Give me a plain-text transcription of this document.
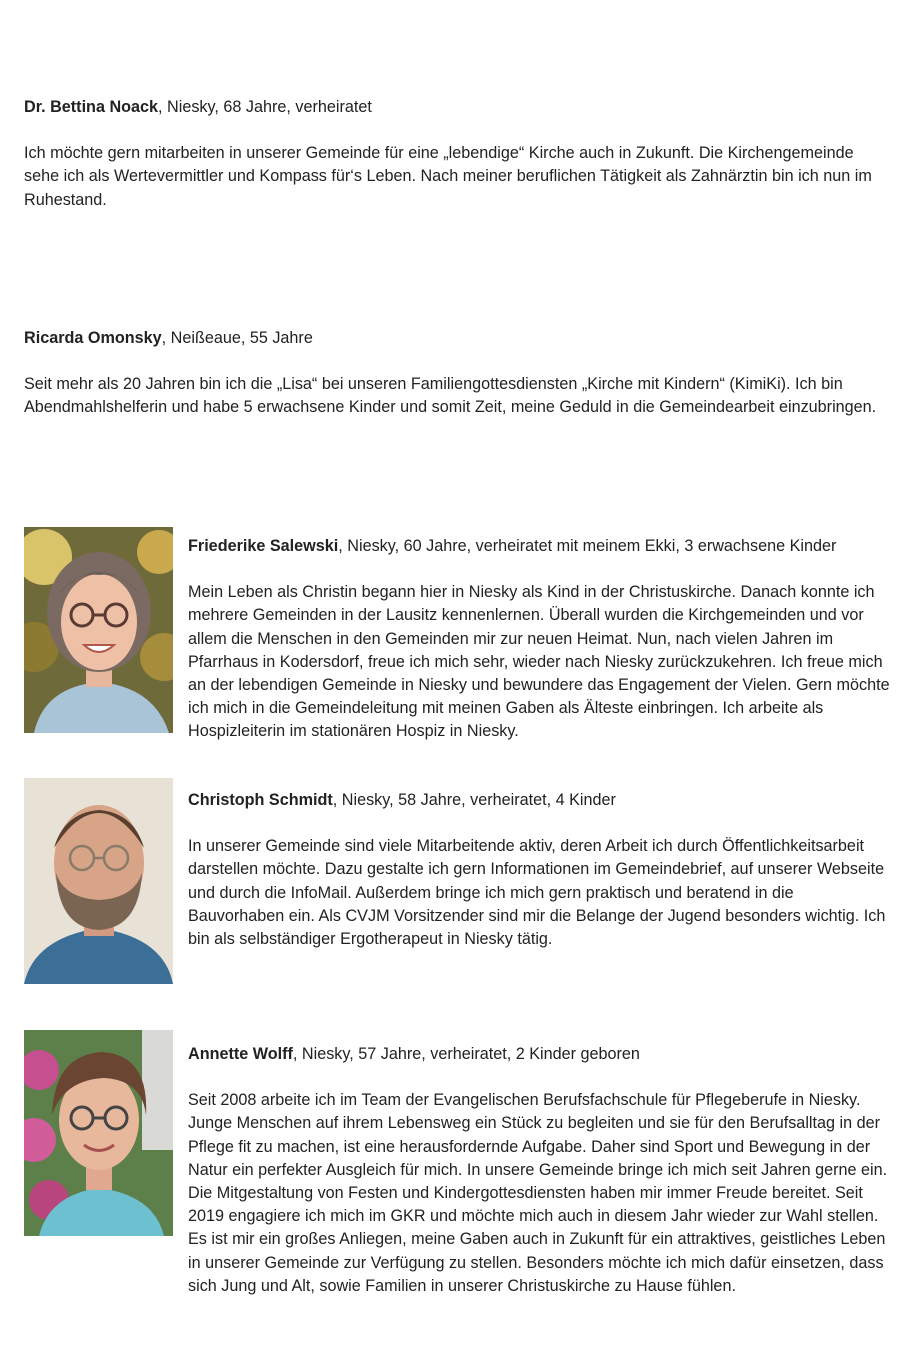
Dr. Bettina Noack, Niesky, 68 Jahre, verheiratet

Ich möchte gern mitarbeiten in unserer Gemeinde für eine „lebendige“ Kirche auch in Zukunft. Die Kirchengemeinde sehe ich als Wertevermittler und Kompass für‘s Leben. Nach meiner beruflichen Tätigkeit als Zahnärztin bin ich nun im Ruhestand.

Ricarda Omonsky, Neißeaue, 55 Jahre

Seit mehr als 20 Jahren bin ich die „Lisa“ bei unseren Familiengottesdiensten „Kirche mit Kindern“ (KimiKi). Ich bin Abendmahlshelferin und habe 5 erwachsene Kinder und somit Zeit, meine Geduld in die Gemeindearbeit einzubringen.

Friederike Salewski, Niesky, 60 Jahre, verheiratet mit meinem Ekki, 3 erwachsene Kinder

Mein Leben als Christin begann hier in Niesky als Kind in der Christuskirche. Danach konnte ich mehrere Gemeinden in der Lausitz kennenlernen. Überall wurden die Kirchgemeinden und vor allem die Menschen in den Gemeinden mir zur neuen Heimat. Nun, nach vielen Jahren im Pfarrhaus in Kodersdorf, freue ich mich sehr, wieder nach Niesky zurückzukehren. Ich freue mich an der lebendigen Gemeinde in Niesky und bewundere das Engagement der Vielen. Gern möchte ich mich in die Gemeindeleitung mit meinen Gaben als Älteste einbringen. Ich arbeite als Hospizleiterin im stationären Hospiz in Niesky.

Christoph Schmidt, Niesky, 58 Jahre, verheiratet, 4 Kinder

In unserer Gemeinde sind viele Mitarbeitende aktiv, deren Arbeit ich durch Öffentlichkeitsarbeit darstellen möchte. Dazu gestalte ich gern Informationen im Gemeindebrief, auf unserer Webseite und durch die InfoMail. Außerdem bringe ich mich gern praktisch und beratend in die Bauvorhaben ein. Als CVJM Vorsitzender sind mir die Belange der Jugend besonders wichtig. Ich bin als selbständiger Ergotherapeut in Niesky tätig.

Annette Wolff, Niesky, 57 Jahre, verheiratet, 2 Kinder geboren

Seit 2008 arbeite ich im Team der Evangelischen Berufsfachschule für Pflegeberufe in Niesky. Junge Menschen auf ihrem Lebensweg ein Stück zu begleiten und sie für den Berufsalltag in der Pflege fit zu machen, ist eine herausfordernde Aufgabe. Daher sind Sport und Bewegung in der Natur ein perfekter Ausgleich für mich. In unsere Gemeinde bringe ich mich seit Jahren gerne ein. Die Mitgestaltung von Festen und Kindergottesdiensten haben mir immer Freude bereitet. Seit 2019 engagiere ich mich im GKR und möchte mich auch in diesem Jahr wieder zur Wahl stellen. Es ist mir ein großes Anliegen, meine Gaben auch in Zukunft für ein attraktives, geistliches Leben in unserer Gemeinde zur Verfügung zu stellen. Besonders möchte ich mich dafür einsetzen, dass sich Jung und Alt, sowie Familien in unserer Christuskirche zu Hause fühlen.
